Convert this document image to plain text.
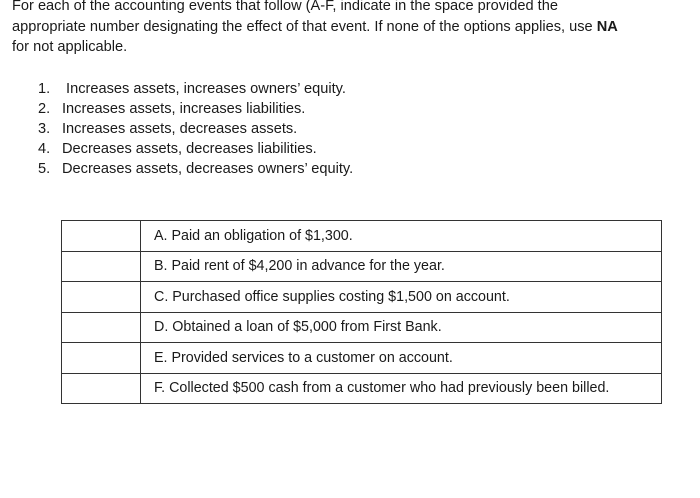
For each of the accounting events that follow (A-F, indicate in the space provided the
appropriate number designating the effect of that event. If none of the options applies, use NA
for not applicable.
1. Increases assets, increases owners’ equity.
2. Increases assets, increases liabilities.
3. Increases assets, decreases assets.
4. Decreases assets, decreases liabilities.
5. Decreases assets, decreases owners’ equity.
	A. Paid an obligation of $1,300.
	B. Paid rent of $4,200 in advance for the year.
	C. Purchased office supplies costing $1,500 on account.
	D. Obtained a loan of $5,000 from First Bank.
	E. Provided services to a customer on account.
	F. Collected $500 cash from a customer who had previously been billed.
